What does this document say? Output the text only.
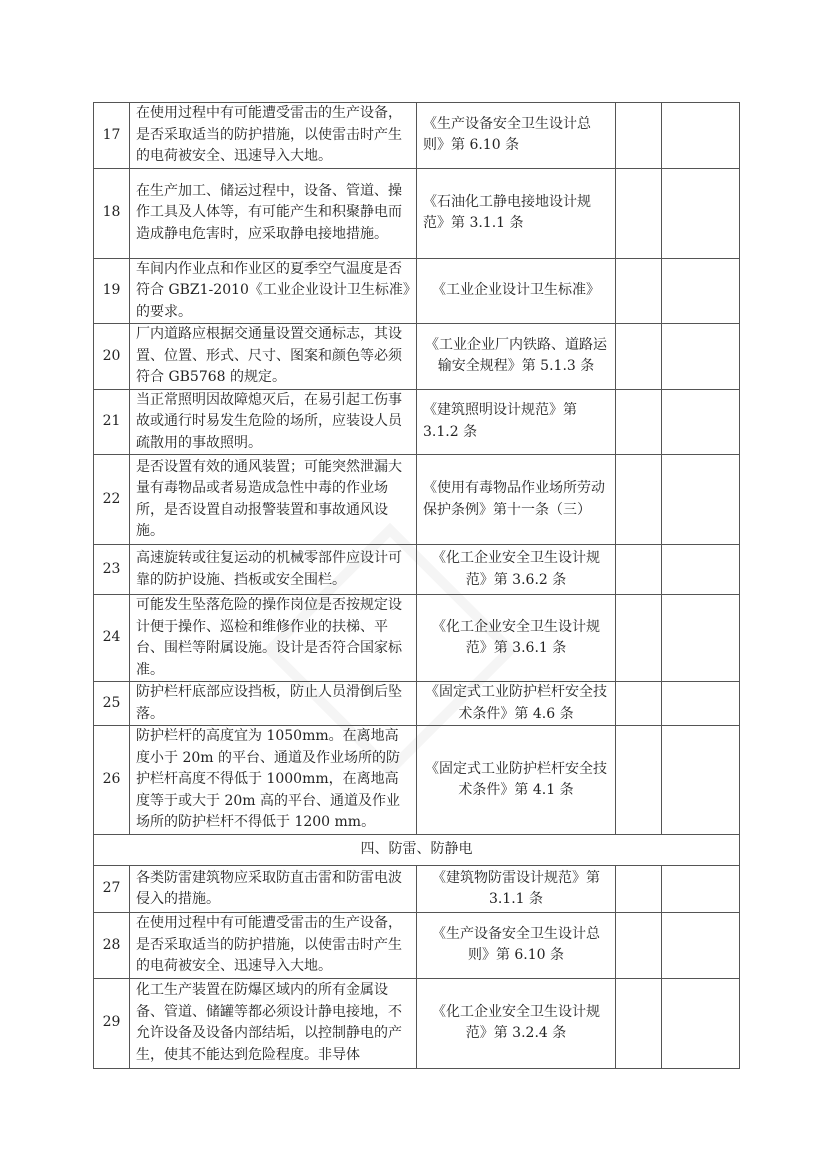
17	在使用过程中有可能遭受雷击的生产设备，是否采取适当的防护措施，以使雷击时产生的电荷被安全、迅速导入大地。	《生产设备安全卫生设计总则》第 6.10 条		
18	在生产加工、储运过程中，设备、管道、操作工具及人体等，有可能产生和积聚静电而造成静电危害时，应采取静电接地措施。	《石油化工静电接地设计规范》第 3.1.1 条		
19	车间内作业点和作业区的夏季空气温度是否符合 GBZ1-2010《工业企业设计卫生标准》的要求。	《工业企业设计卫生标准》		
20	厂内道路应根据交通量设置交通标志，其设置、位置、形式、尺寸、图案和颜色等必须符合 GB5768 的规定。	《工业企业厂内铁路、道路运输安全规程》第 5.1.3 条		
21	当正常照明因故障熄灭后，在易引起工伤事故或通行时易发生危险的场所，应装设人员疏散用的事故照明。	《建筑照明设计规范》第 3.1.2 条		
22	是否设置有效的通风装置；可能突然泄漏大量有毒物品或者易造成急性中毒的作业场所，是否设置自动报警装置和事故通风设施。	《使用有毒物品作业场所劳动保护条例》第十一条（三）		
23	高速旋转或往复运动的机械零部件应设计可靠的防护设施、挡板或安全围栏。	《化工企业安全卫生设计规范》第 3.6.2 条		
24	可能发生坠落危险的操作岗位是否按规定设计便于操作、巡检和维修作业的扶梯、平台、围栏等附属设施。设计是否符合国家标准。	《化工企业安全卫生设计规范》第 3.6.1 条		
25	防护栏杆底部应设挡板，防止人员滑倒后坠落。	《固定式工业防护栏杆安全技术条件》第 4.6 条		
26	防护栏杆的高度宜为 1050mm。在离地高度小于 20m 的平台、通道及作业场所的防护栏杆高度不得低于 1000mm，在离地高度等于或大于 20m 高的平台、通道及作业场所的防护栏杆不得低于 1200 mm。	《固定式工业防护栏杆安全技术条件》第 4.1 条		
四、防雷、防静电				
27	各类防雷建筑物应采取防直击雷和防雷电波侵入的措施。	《建筑物防雷设计规范》第 3.1.1 条		
28	在使用过程中有可能遭受雷击的生产设备，是否采取适当的防护措施，以使雷击时产生的电荷被安全、迅速导入大地。	《生产设备安全卫生设计总则》第 6.10 条		
29	化工生产装置在防爆区域内的所有金属设备、管道、储罐等都必须设计静电接地，不允许设备及设备内部结垢，以控制静电的产生，使其不能达到危险程度。非导体	《化工企业安全卫生设计规范》第 3.2.4 条		
